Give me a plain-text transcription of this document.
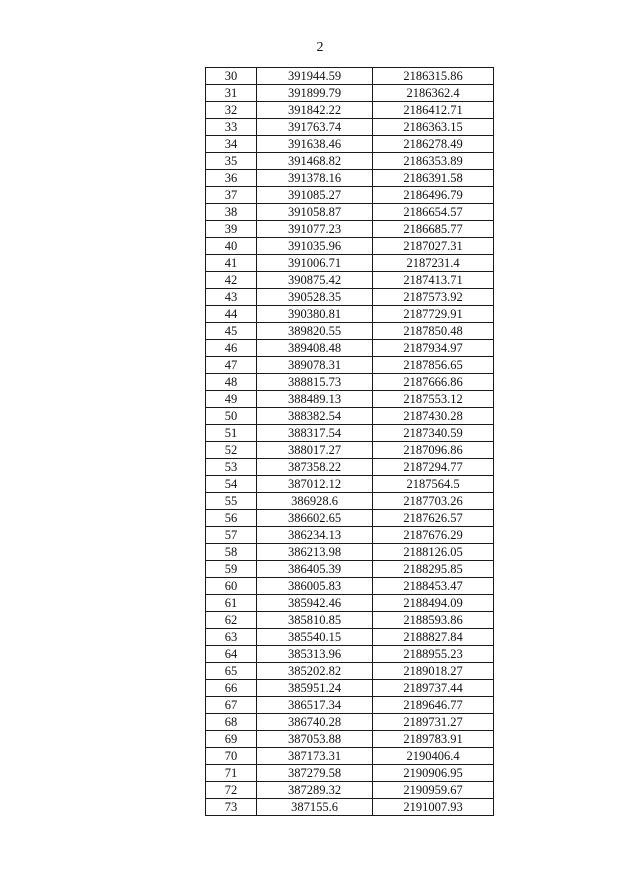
2
30	391944.59	2186315.86
31	391899.79	2186362.4
32	391842.22	2186412.71
33	391763.74	2186363.15
34	391638.46	2186278.49
35	391468.82	2186353.89
36	391378.16	2186391.58
37	391085.27	2186496.79
38	391058.87	2186654.57
39	391077.23	2186685.77
40	391035.96	2187027.31
41	391006.71	2187231.4
42	390875.42	2187413.71
43	390528.35	2187573.92
44	390380.81	2187729.91
45	389820.55	2187850.48
46	389408.48	2187934.97
47	389078.31	2187856.65
48	388815.73	2187666.86
49	388489.13	2187553.12
50	388382.54	2187430.28
51	388317.54	2187340.59
52	388017.27	2187096.86
53	387358.22	2187294.77
54	387012.12	2187564.5
55	386928.6	2187703.26
56	386602.65	2187626.57
57	386234.13	2187676.29
58	386213.98	2188126.05
59	386405.39	2188295.85
60	386005.83	2188453.47
61	385942.46	2188494.09
62	385810.85	2188593.86
63	385540.15	2188827.84
64	385313.96	2188955.23
65	385202.82	2189018.27
66	385951.24	2189737.44
67	386517.34	2189646.77
68	386740.28	2189731.27
69	387053.88	2189783.91
70	387173.31	2190406.4
71	387279.58	2190906.95
72	387289.32	2190959.67
73	387155.6	2191007.93
